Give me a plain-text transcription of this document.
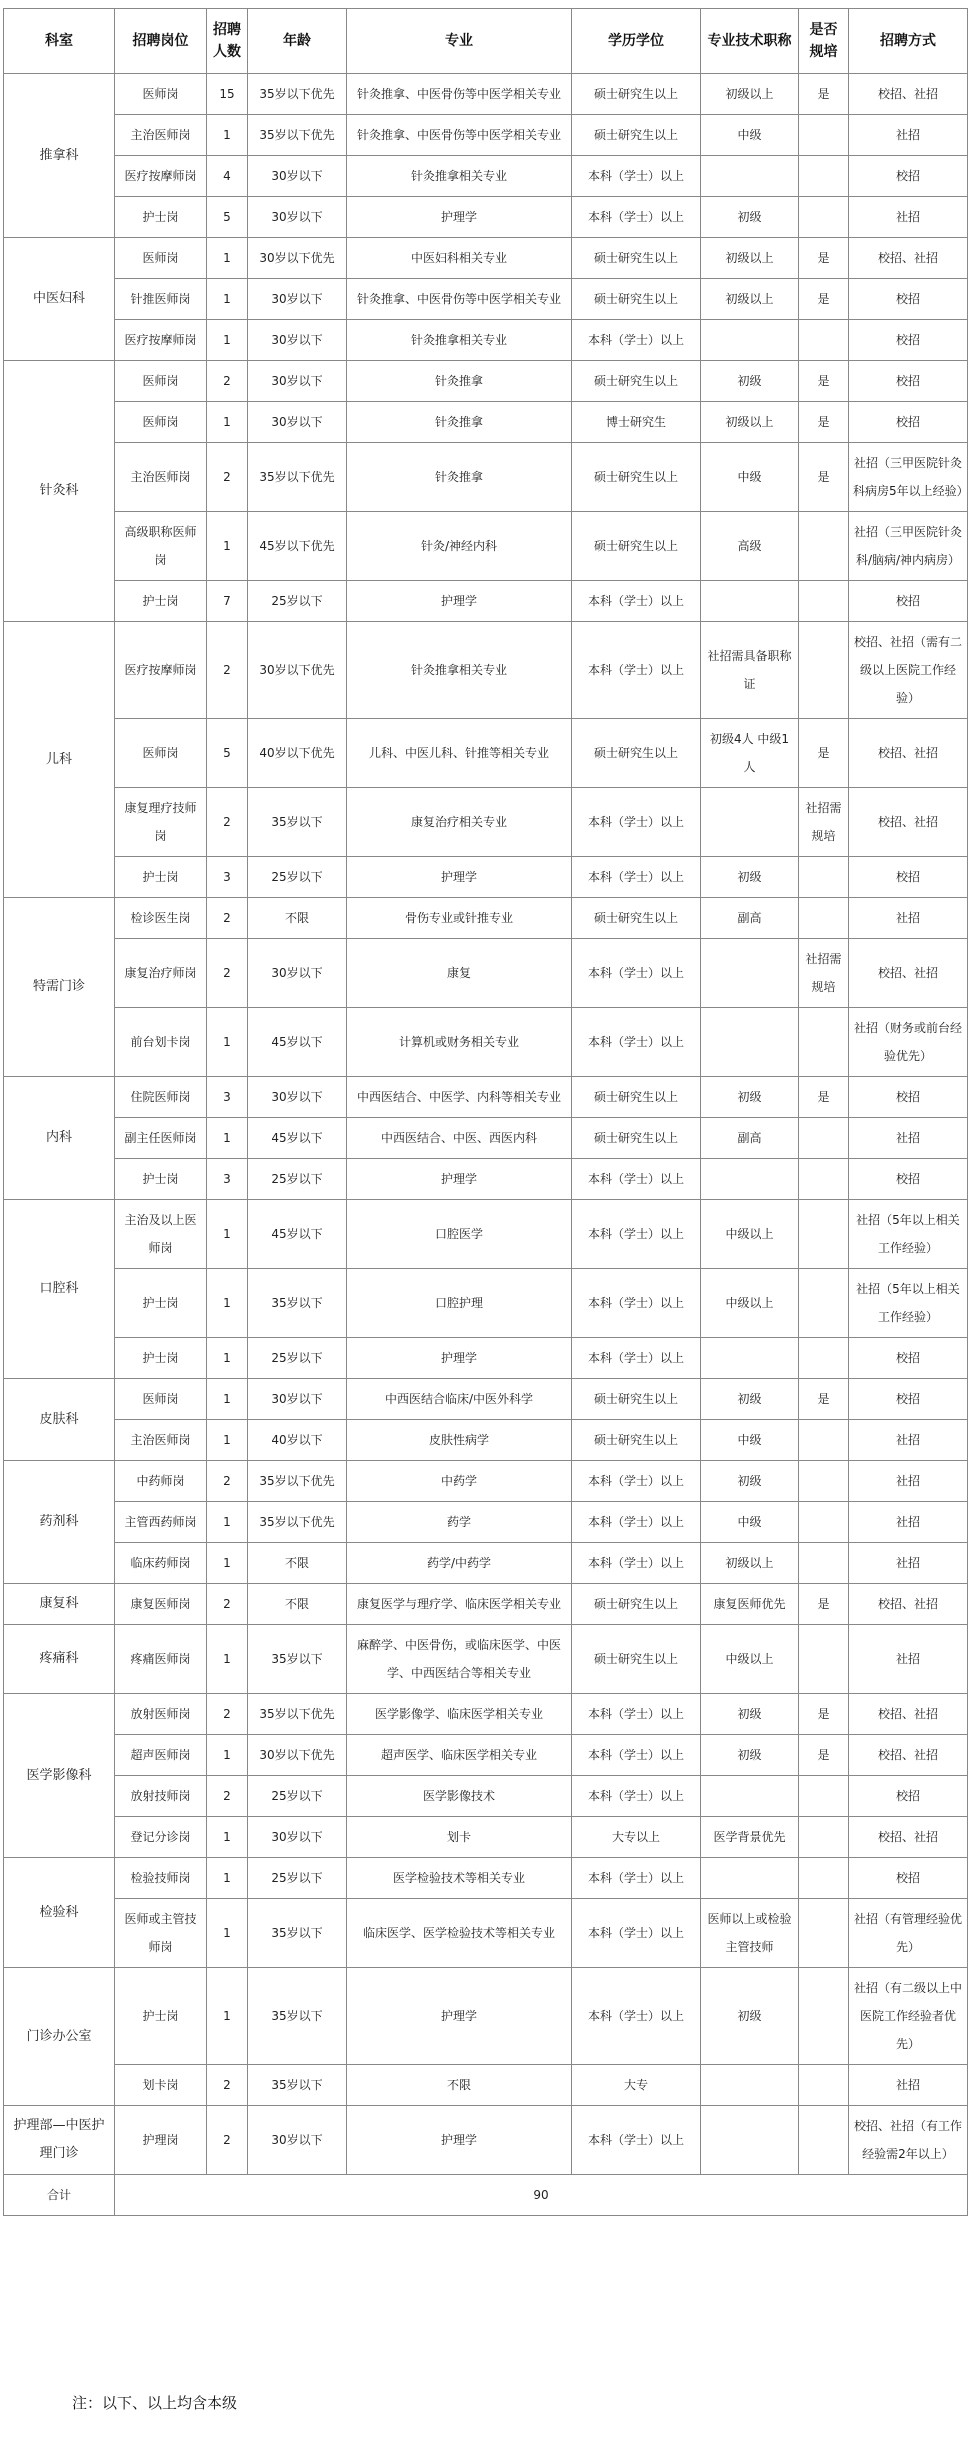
科室	招聘岗位	招聘人数	年龄	专业	学历学位	专业技术职称	是否规培	招聘方式
推拿科	医师岗	15	35岁以下优先	针灸推拿、中医骨伤等中医学相关专业	硕士研究生以上	初级以上	是	校招、社招
	主治医师岗	1	35岁以下优先	针灸推拿、中医骨伤等中医学相关专业	硕士研究生以上	中级		社招
	医疗按摩师岗	4	30岁以下	针灸推拿相关专业	本科（学士）以上			校招
	护士岗	5	30岁以下	护理学	本科（学士）以上	初级		社招
中医妇科	医师岗	1	30岁以下优先	中医妇科相关专业	硕士研究生以上	初级以上	是	校招、社招
	针推医师岗	1	30岁以下	针灸推拿、中医骨伤等中医学相关专业	硕士研究生以上	初级以上	是	校招
	医疗按摩师岗	1	30岁以下	针灸推拿相关专业	本科（学士）以上			校招
针灸科	医师岗	2	30岁以下	针灸推拿	硕士研究生以上	初级	是	校招
	医师岗	1	30岁以下	针灸推拿	博士研究生	初级以上	是	校招
	主治医师岗	2	35岁以下优先	针灸推拿	硕士研究生以上	中级	是	社招（三甲医院针灸科病房5年以上经验）
	高级职称医师岗	1	45岁以下优先	针灸/神经内科	硕士研究生以上	高级		社招（三甲医院针灸科/脑病/神内病房）
	护士岗	7	25岁以下	护理学	本科（学士）以上			校招
儿科	医疗按摩师岗	2	30岁以下优先	针灸推拿相关专业	本科（学士）以上	社招需具备职称证		校招、社招（需有二级以上医院工作经验）
	医师岗	5	40岁以下优先	儿科、中医儿科、针推等相关专业	硕士研究生以上	初级4人 中级1人	是	校招、社招
	康复理疗技师岗	2	35岁以下	康复治疗相关专业	本科（学士）以上		社招需规培	校招、社招
	护士岗	3	25岁以下	护理学	本科（学士）以上	初级		校招
特需门诊	检诊医生岗	2	不限	骨伤专业或针推专业	硕士研究生以上	副高		社招
	康复治疗师岗	2	30岁以下	康复	本科（学士）以上		社招需规培	校招、社招
	前台划卡岗	1	45岁以下	计算机或财务相关专业	本科（学士）以上			社招（财务或前台经验优先）
内科	住院医师岗	3	30岁以下	中西医结合、中医学、内科等相关专业	硕士研究生以上	初级	是	校招
	副主任医师岗	1	45岁以下	中西医结合、中医、西医内科	硕士研究生以上	副高		社招
	护士岗	3	25岁以下	护理学	本科（学士）以上			校招
口腔科	主治及以上医师岗	1	45岁以下	口腔医学	本科（学士）以上	中级以上		社招（5年以上相关工作经验）
	护士岗	1	35岁以下	口腔护理	本科（学士）以上	中级以上		社招（5年以上相关工作经验）
	护士岗	1	25岁以下	护理学	本科（学士）以上			校招
皮肤科	医师岗	1	30岁以下	中西医结合临床/中医外科学	硕士研究生以上	初级	是	校招
	主治医师岗	1	40岁以下	皮肤性病学	硕士研究生以上	中级		社招
药剂科	中药师岗	2	35岁以下优先	中药学	本科（学士）以上	初级		社招
	主管西药师岗	1	35岁以下优先	药学	本科（学士）以上	中级		社招
	临床药师岗	1	不限	药学/中药学	本科（学士）以上	初级以上		社招
康复科	康复医师岗	2	不限	康复医学与理疗学、临床医学相关专业	硕士研究生以上	康复医师优先	是	校招、社招
疼痛科	疼痛医师岗	1	35岁以下	麻醉学、中医骨伤，或临床医学、中医学、中西医结合等相关专业	硕士研究生以上	中级以上		社招
医学影像科	放射医师岗	2	35岁以下优先	医学影像学、临床医学相关专业	本科（学士）以上	初级	是	校招、社招
	超声医师岗	1	30岁以下优先	超声医学、临床医学相关专业	本科（学士）以上	初级	是	校招、社招
	放射技师岗	2	25岁以下	医学影像技术	本科（学士）以上			校招
	登记分诊岗	1	30岁以下	划卡	大专以上	医学背景优先		校招、社招
检验科	检验技师岗	1	25岁以下	医学检验技术等相关专业	本科（学士）以上			校招
	医师或主管技师岗	1	35岁以下	临床医学、医学检验技术等相关专业	本科（学士）以上	医师以上或检验主管技师		社招（有管理经验优先）
门诊办公室	护士岗	1	35岁以下	护理学	本科（学士）以上	初级		社招（有二级以上中医院工作经验者优先）
	划卡岗	2	35岁以下	不限	大专			社招
护理部—中医护理门诊	护理岗	2	30岁以下	护理学	本科（学士）以上			校招、社招（有工作经验需2年以上）
合计	90							
注：以下、以上均含本级
